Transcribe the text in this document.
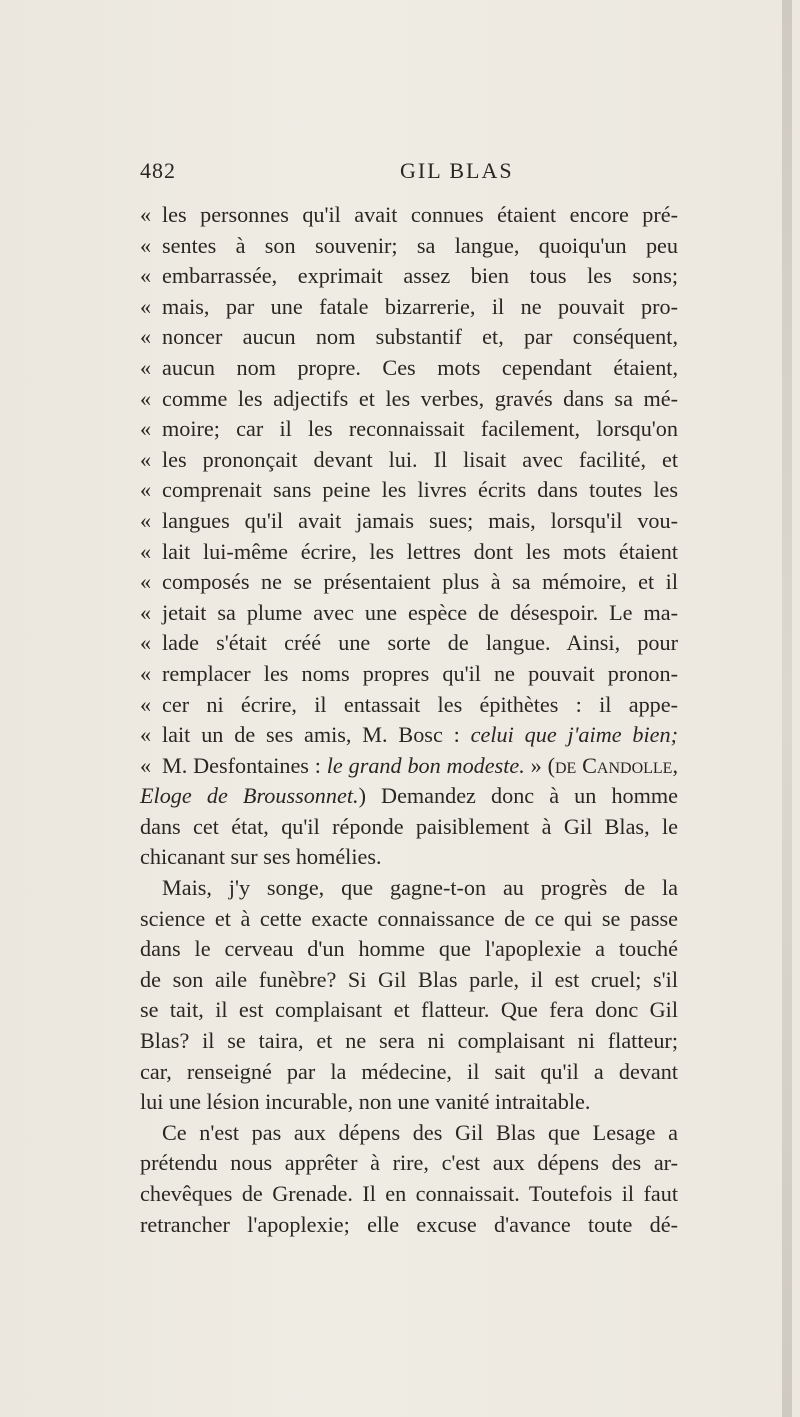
482	GIL BLAS
« les personnes qu'il avait connues étaient encore pré-
« sentes à son souvenir; sa langue, quoiqu'un peu
« embarrassée, exprimait assez bien tous les sons;
« mais, par une fatale bizarrerie, il ne pouvait pro-
« noncer aucun nom substantif et, par conséquent,
« aucun nom propre. Ces mots cependant étaient,
« comme les adjectifs et les verbes, gravés dans sa mé-
« moire; car il les reconnaissait facilement, lorsqu'on
« les prononçait devant lui. Il lisait avec facilité, et
« comprenait sans peine les livres écrits dans toutes les
« langues qu'il avait jamais sues; mais, lorsqu'il vou-
« lait lui-même écrire, les lettres dont les mots étaient
« composés ne se présentaient plus à sa mémoire, et il
« jetait sa plume avec une espèce de désespoir. Le ma-
« lade s'était créé une sorte de langue. Ainsi, pour
« remplacer les noms propres qu'il ne pouvait pronon-
« cer ni écrire, il entassait les épithètes : il appe-
« lait un de ses amis, M. Bosc : celui que j'aime bien;
« M. Desfontaines : le grand bon modeste. » (de Candolle,
Eloge de Broussonnet.) Demandez donc à un homme
dans cet état, qu'il réponde paisiblement à Gil Blas, le
chicanant sur ses homélies.
Mais, j'y songe, que gagne-t-on au progrès de la
science et à cette exacte connaissance de ce qui se passe
dans le cerveau d'un homme que l'apoplexie a touché
de son aile funèbre? Si Gil Blas parle, il est cruel; s'il
se tait, il est complaisant et flatteur. Que fera donc Gil
Blas? il se taira, et ne sera ni complaisant ni flatteur;
car, renseigné par la médecine, il sait qu'il a devant
lui une lésion incurable, non une vanité intraitable.
Ce n'est pas aux dépens des Gil Blas que Lesage a
prétendu nous apprêter à rire, c'est aux dépens des ar-
chevêques de Grenade. Il en connaissait. Toutefois il faut
retrancher l'apoplexie; elle excuse d'avance toute dé-
